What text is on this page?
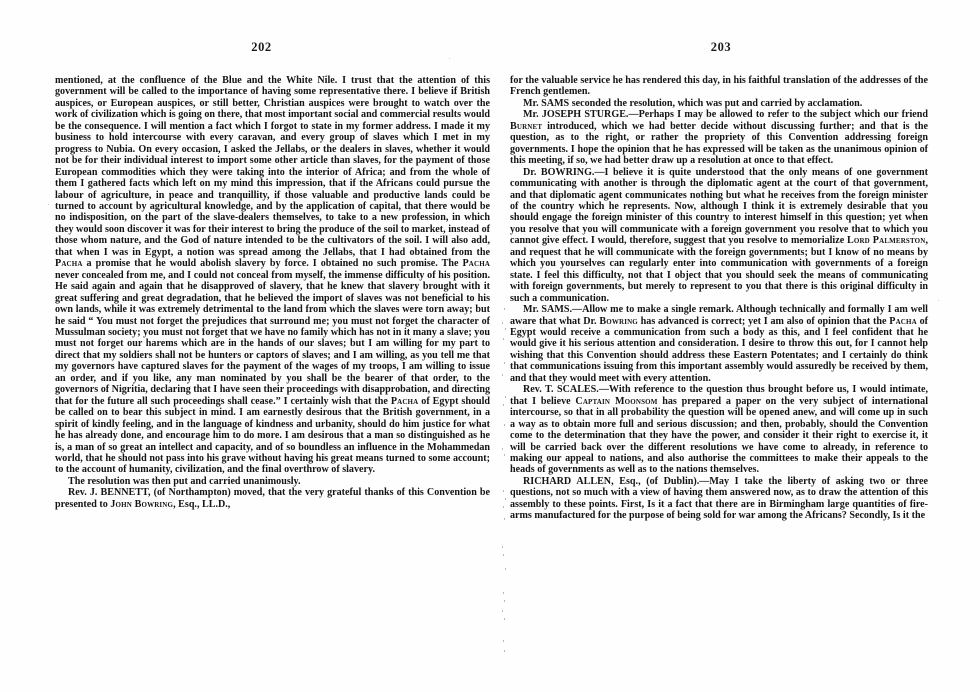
202

mentioned, at the confluence of the Blue and the White Nile. I trust that the attention of this government will be called to the importance of having some representative there. I believe if British auspices, or European auspices, or still better, Christian auspices were brought to watch over the work of civilization which is going on there, that most important social and commercial results would be the consequence. I will mention a fact which I forgot to state in my former address. I made it my business to hold intercourse with every caravan, and every group of slaves which I met in my progress to Nubia. On every occasion, I asked the Jellabs, or the dealers in slaves, whether it would not be for their individual interest to import some other article than slaves, for the payment of those European commodities which they were taking into the interior of Africa; and from the whole of them I gathered facts which left on my mind this impression, that if the Africans could pursue the labour of agriculture, in peace and tranquillity, if those valuable and productive lands could be turned to account by agricultural knowledge, and by the application of capital, that there would be no indisposition, on the part of the slave-dealers themselves, to take to a new profession, in which they would soon discover it was for their interest to bring the produce of the soil to market, instead of those whom nature, and the God of nature intended to be the cultivators of the soil. I will also add, that when I was in Egypt, a notion was spread among the Jellabs, that I had obtained from the Pacha a promise that he would abolish slavery by force. I obtained no such promise. The Pacha never concealed from me, and I could not conceal from myself, the immense difficulty of his position. He said again and again that he disapproved of slavery, that he knew that slavery brought with it great suffering and great degradation, that he believed the import of slaves was not beneficial to his own lands, while it was extremely detrimental to the land from which the slaves were torn away; but he said “ You must not forget the prejudices that surround me; you must not forget the character of Mussulman society; you must not forget that we have no family which has not in it many a slave; you must not forget our harems which are in the hands of our slaves; but I am willing for my part to direct that my soldiers shall not be hunters or captors of slaves; and I am willing, as you tell me that my governors have captured slaves for the payment of the wages of my troops, I am willing to issue an order, and if you like, any man nominated by you shall be the bearer of that order, to the governors of Nigritia, declaring that I have seen their proceedings with disapprobation, and directing that for the future all such proceedings shall cease.” I certainly wish that the Pacha of Egypt should be called on to bear this subject in mind. I am earnestly desirous that the British government, in a spirit of kindly feeling, and in the language of kindness and urbanity, should do him justice for what he has already done, and encourage him to do more. I am desirous that a man so distinguished as he is, a man of so great an intellect and capacity, and of so boundless an influence in the Mohammedan world, that he should not pass into his grave without having his great means turned to some account; to the account of humanity, civilization, and the final overthrow of slavery.

The resolution was then put and carried unanimously.

Rev. J. BENNETT, (of Northampton) moved, that the very grateful thanks of this Convention be presented to John Bowring, Esq., LL.D.,

203

for the valuable service he has rendered this day, in his faithful translation of the addresses of the French gentlemen.

Mr. SAMS seconded the resolution, which was put and carried by acclamation.

Mr. JOSEPH STURGE.—Perhaps I may be allowed to refer to the subject which our friend Burnet introduced, which we had better decide without discussing further; and that is the question, as to the right, or rather the propriety of this Convention addressing foreign governments. I hope the opinion that he has expressed will be taken as the unanimous opinion of this meeting, if so, we had better draw up a resolution at once to that effect.

Dr. BOWRING.—I believe it is quite understood that the only means of one government communicating with another is through the diplomatic agent at the court of that government, and that diplomatic agent communicates nothing but what he receives from the foreign minister of the country which he represents. Now, although I think it is extremely desirable that you should engage the foreign minister of this country to interest himself in this question; yet when you resolve that you will communicate with a foreign government you resolve that to which you cannot give effect. I would, therefore, suggest that you resolve to memorialize Lord Palmerston, and request that he will communicate with the foreign governments; but I know of no means by which you yourselves can regularly enter into communication with governments of a foreign state. I feel this difficulty, not that I object that you should seek the means of communicating with foreign governments, but merely to represent to you that there is this original difficulty in such a communication.

Mr. SAMS.—Allow me to make a single remark. Although technically and formally I am well aware that what Dr. Bowring has advanced is correct; yet I am also of opinion that the Pacha of Egypt would receive a communication from such a body as this, and I feel confident that he would give it his serious attention and consideration. I desire to throw this out, for I cannot help wishing that this Convention should address these Eastern Potentates; and I certainly do think that communications issuing from this important assembly would assuredly be received by them, and that they would meet with every attention.

Rev. T. SCALES.—With reference to the question thus brought before us, I would intimate, that I believe Captain Moonsom has prepared a paper on the very subject of international intercourse, so that in all probability the question will be opened anew, and will come up in such a way as to obtain more full and serious discussion; and then, probably, should the Convention come to the determination that they have the power, and consider it their right to exercise it, it will be carried back over the different resolutions we have come to already, in reference to making our appeal to nations, and also authorise the committees to make their appeals to the heads of governments as well as to the nations themselves.

RICHARD ALLEN, Esq., (of Dublin).—May I take the liberty of asking two or three questions, not so much with a view of having them answered now, as to draw the attention of this assembly to these points. First, Is it a fact that there are in Birmingham large quantities of fire-arms manufactured for the purpose of being sold for war among the Africans? Secondly, Is it the
